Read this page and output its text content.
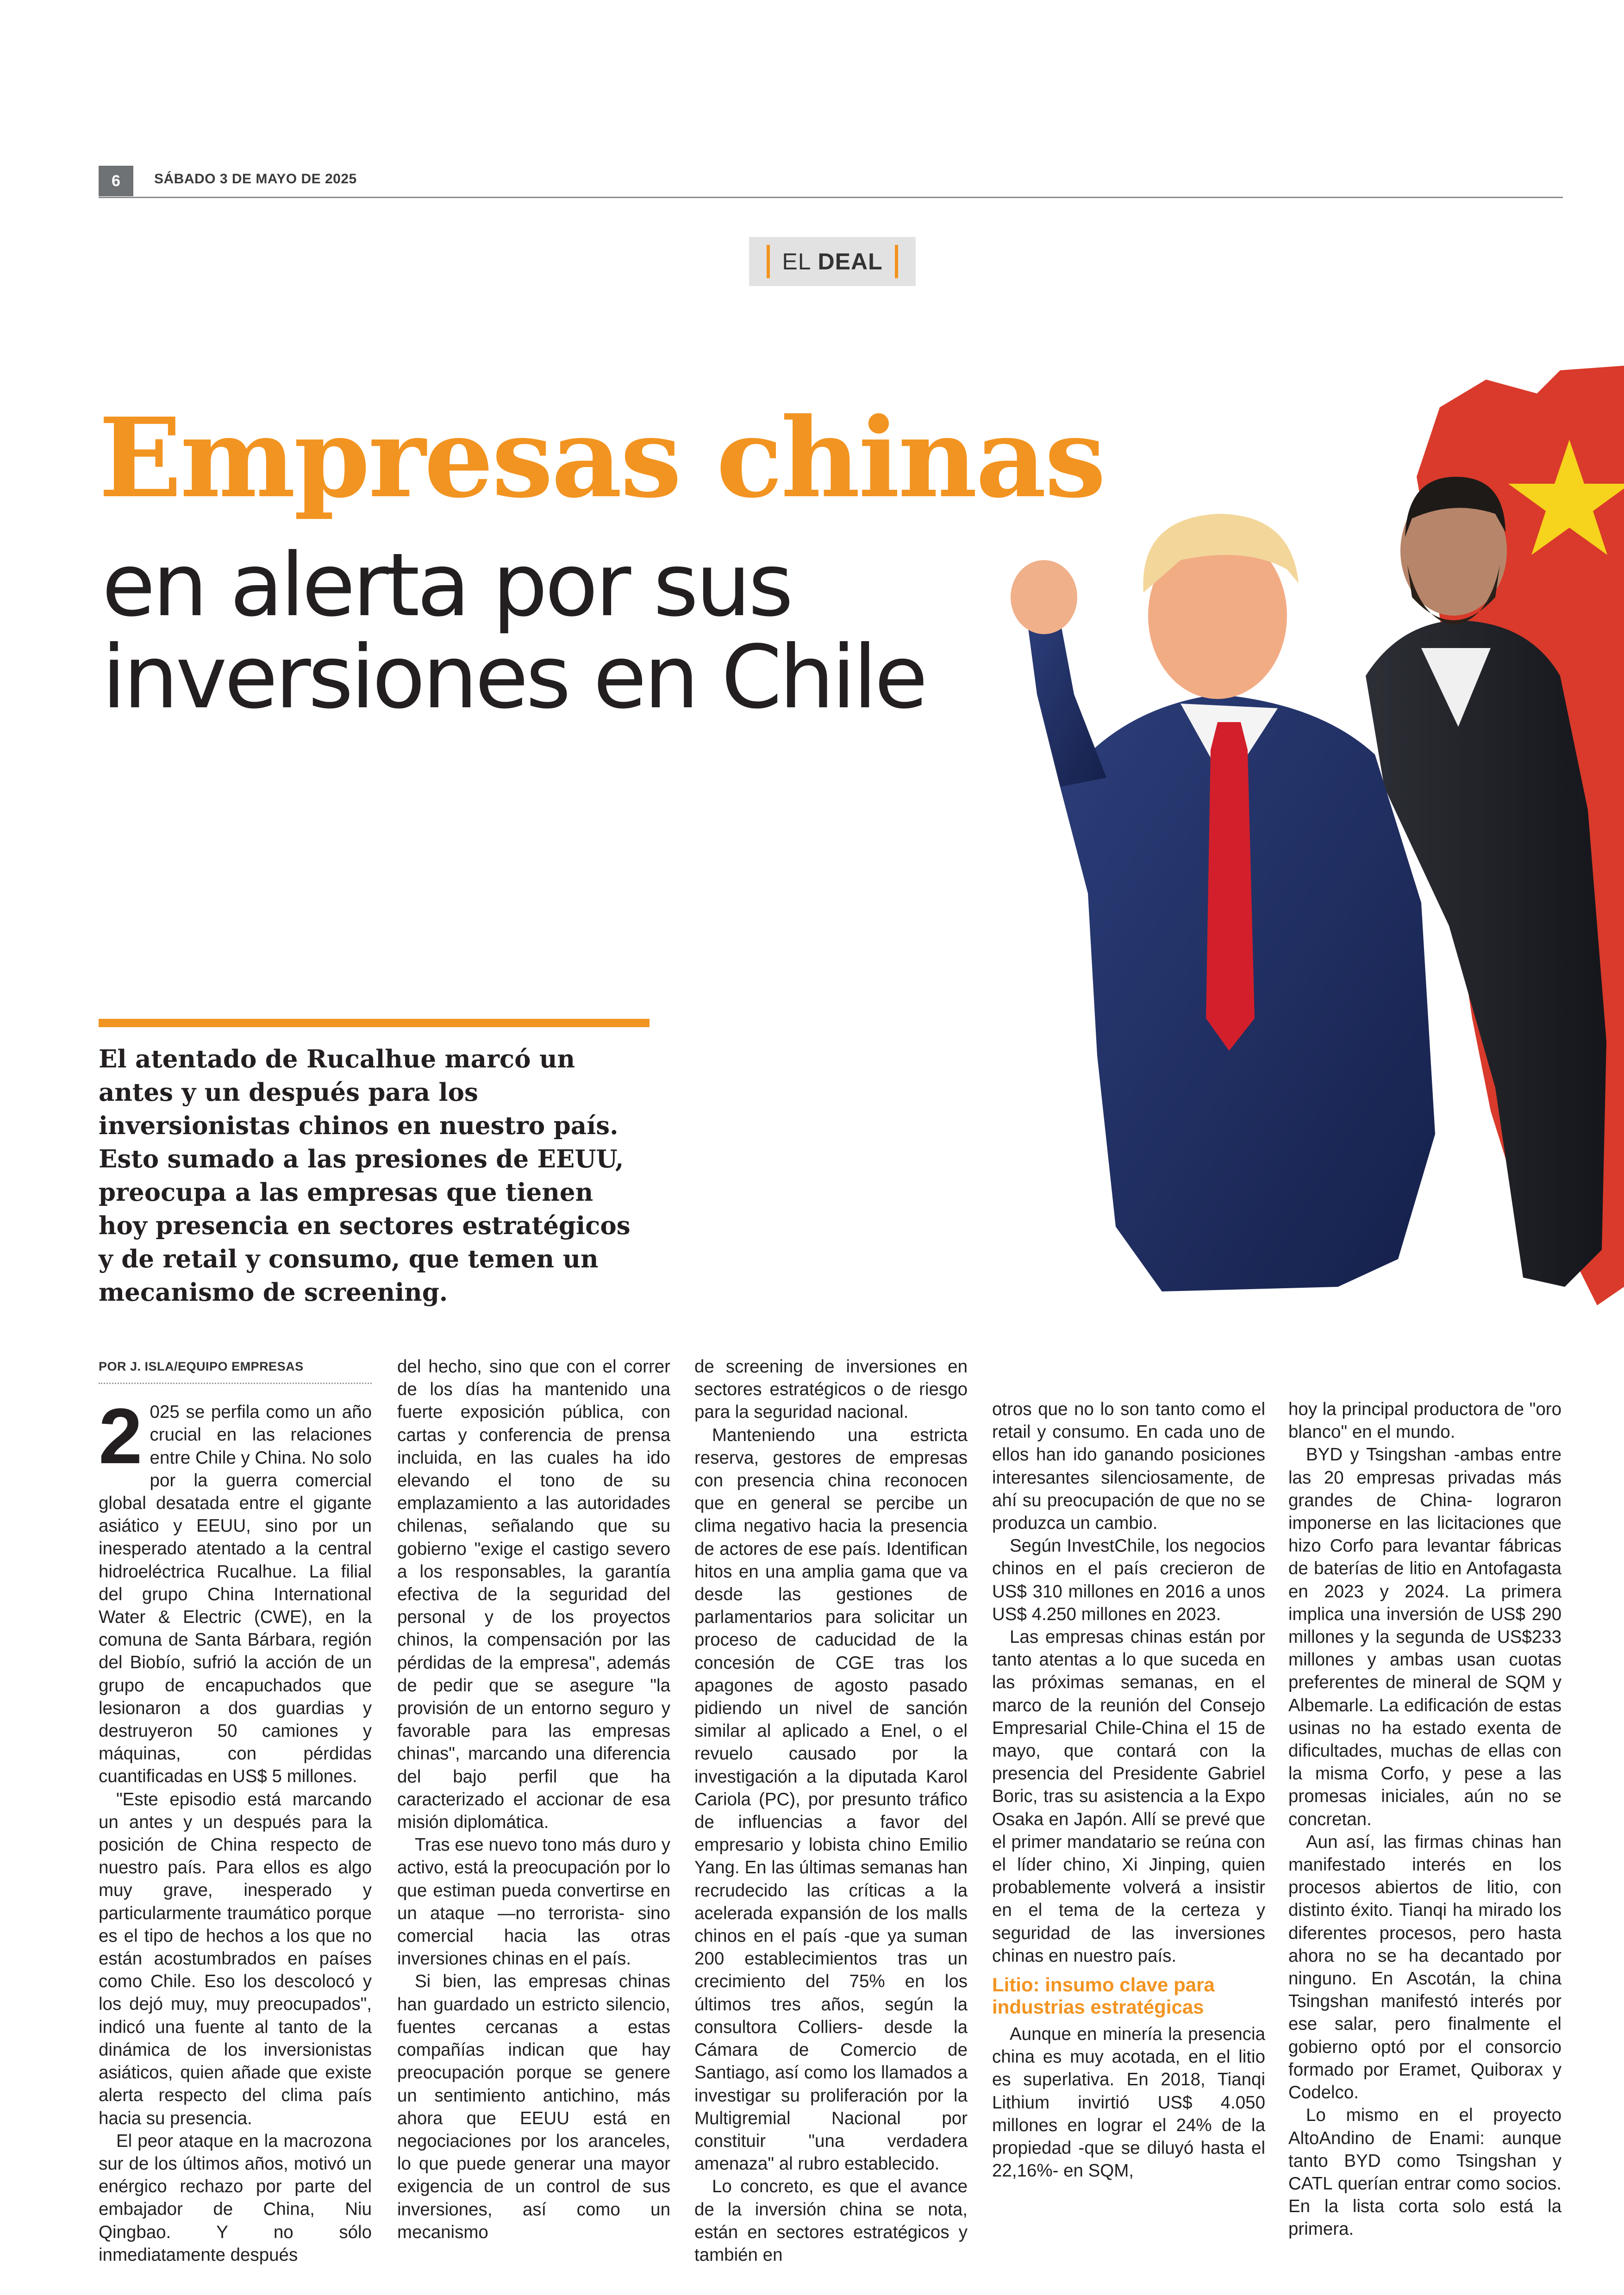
6	SÁBADO 3 DE MAYO DE 2025
EL DEAL
Empresas chinas
en alerta por sus inversiones en Chile
El atentado de Rucalhue marcó un antes y un después para los inversionistas chinos en nuestro país. Esto sumado a las presiones de EEUU, preocupa a las empresas que tienen hoy presencia en sectores estratégicos y de retail y consumo, que temen un mecanismo de screening.
POR J. ISLA/EQUIPO EMPRESAS

2 025 se perfila como un año crucial en las relaciones entre Chile y China. No solo por la guerra comercial global desatada entre el gigante asiático y EEUU, sino por un inesperado atentado a la central hidroeléctrica Rucalhue. La filial del grupo China International Water & Electric (CWE), en la comuna de Santa Bárbara, región del Biobío, sufrió la acción de un grupo de encapuchados que lesionaron a dos guardias y destruyeron 50 camiones y máquinas, con pérdidas cuantificadas en US$ 5 millones.

"Este episodio está marcando un antes y un después para la posición de China respecto de nuestro país. Para ellos es algo muy grave, inesperado y particularmente traumático porque es el tipo de hechos a los que no están acostumbrados en países como Chile. Eso los descolocó y los dejó muy, muy preocupados", indicó una fuente al tanto de la dinámica de los inversionistas asiáticos, quien añade que existe alerta respecto del clima país hacia su presencia.

El peor ataque en la macrozona sur de los últimos años, motivó un enérgico rechazo por parte del embajador de China, Niu Qingbao. Y no sólo inmediatamente después

del hecho, sino que con el correr de los días ha mantenido una fuerte exposición pública, con cartas y conferencia de prensa incluida, en las cuales ha ido elevando el tono de su emplazamiento a las autoridades chilenas, señalando que su gobierno "exige el castigo severo a los responsables, la garantía efectiva de la seguridad del personal y de los proyectos chinos, la compensación por las pérdidas de la empresa", además de pedir que se asegure "la provisión de un entorno seguro y favorable para las empresas chinas", marcando una diferencia del bajo perfil que ha caracterizado el accionar de esa misión diplomática.

Tras ese nuevo tono más duro y activo, está la preocupación por lo que estiman pueda convertirse en un ataque —no terrorista- sino comercial hacia las otras inversiones chinas en el país.

Si bien, las empresas chinas han guardado un estricto silencio, fuentes cercanas a estas compañías indican que hay preocupación porque se genere un sentimiento antichino, más ahora que EEUU está en negociaciones por los aranceles, lo que puede generar una mayor exigencia de un control de sus inversiones, así como un mecanismo

de screening de inversiones en sectores estratégicos o de riesgo para la seguridad nacional.

Manteniendo una estricta reserva, gestores de empresas con presencia china reconocen que en general se percibe un clima negativo hacia la presencia de actores de ese país. Identifican hitos en una amplia gama que va desde las gestiones de parlamentarios para solicitar un proceso de caducidad de la concesión de CGE tras los apagones de agosto pasado pidiendo un nivel de sanción similar al aplicado a Enel, o el revuelo causado por la investigación a la diputada Karol Cariola (PC), por presunto tráfico de influencias a favor del empresario y lobista chino Emilio Yang. En las últimas semanas han recrudecido las críticas a la acelerada expansión de los malls chinos en el país -que ya suman 200 establecimientos tras un crecimiento del 75% en los últimos tres años, según la consultora Colliers- desde la Cámara de Comercio de Santiago, así como los llamados a investigar su proliferación por la Multigremial Nacional por constituir "una verdadera amenaza" al rubro establecido.

Lo concreto, es que el avance de la inversión china se nota, están en sectores estratégicos y también en

otros que no lo son tanto como el retail y consumo. En cada uno de ellos han ido ganando posiciones interesantes silenciosamente, de ahí su preocupación de que no se produzca un cambio.

Según InvestChile, los negocios chinos en el país crecieron de US$ 310 millones en 2016 a unos US$ 4.250 millones en 2023.

Las empresas chinas están por tanto atentas a lo que suceda en las próximas semanas, en el marco de la reunión del Consejo Empresarial Chile-China el 15 de mayo, que contará con la presencia del Presidente Gabriel Boric, tras su asistencia a la Expo Osaka en Japón. Allí se prevé que el primer mandatario se reúna con el líder chino, Xi Jinping, quien probablemente volverá a insistir en el tema de la certeza y seguridad de las inversiones chinas en nuestro país.

Litio: insumo clave para industrias estratégicas

Aunque en minería la presencia china es muy acotada, en el litio es superlativa. En 2018, Tianqi Lithium invirtió US$ 4.050 millones en lograr el 24% de la propiedad -que se diluyó hasta el 22,16%- en SQM,

hoy la principal productora de "oro blanco" en el mundo.

BYD y Tsingshan -ambas entre las 20 empresas privadas más grandes de China- lograron imponerse en las licitaciones que hizo Corfo para levantar fábricas de baterías de litio en Antofagasta en 2023 y 2024. La primera implica una inversión de US$ 290 millones y la segunda de US$233 millones y ambas usan cuotas preferentes de mineral de SQM y Albemarle. La edificación de estas usinas no ha estado exenta de dificultades, muchas de ellas con la misma Corfo, y pese a las promesas iniciales, aún no se concretan.

Aun así, las firmas chinas han manifestado interés en los procesos abiertos de litio, con distinto éxito. Tianqi ha mirado los diferentes procesos, pero hasta ahora no se ha decantado por ninguno. En Ascotán, la china Tsingshan manifestó interés por ese salar, pero finalmente el gobierno optó por el consorcio formado por Eramet, Quiborax y Codelco.

Lo mismo en el proyecto AltoAndino de Enami: aunque tanto BYD como Tsingshan y CATL querían entrar como socios. En la lista corta solo está la primera.
